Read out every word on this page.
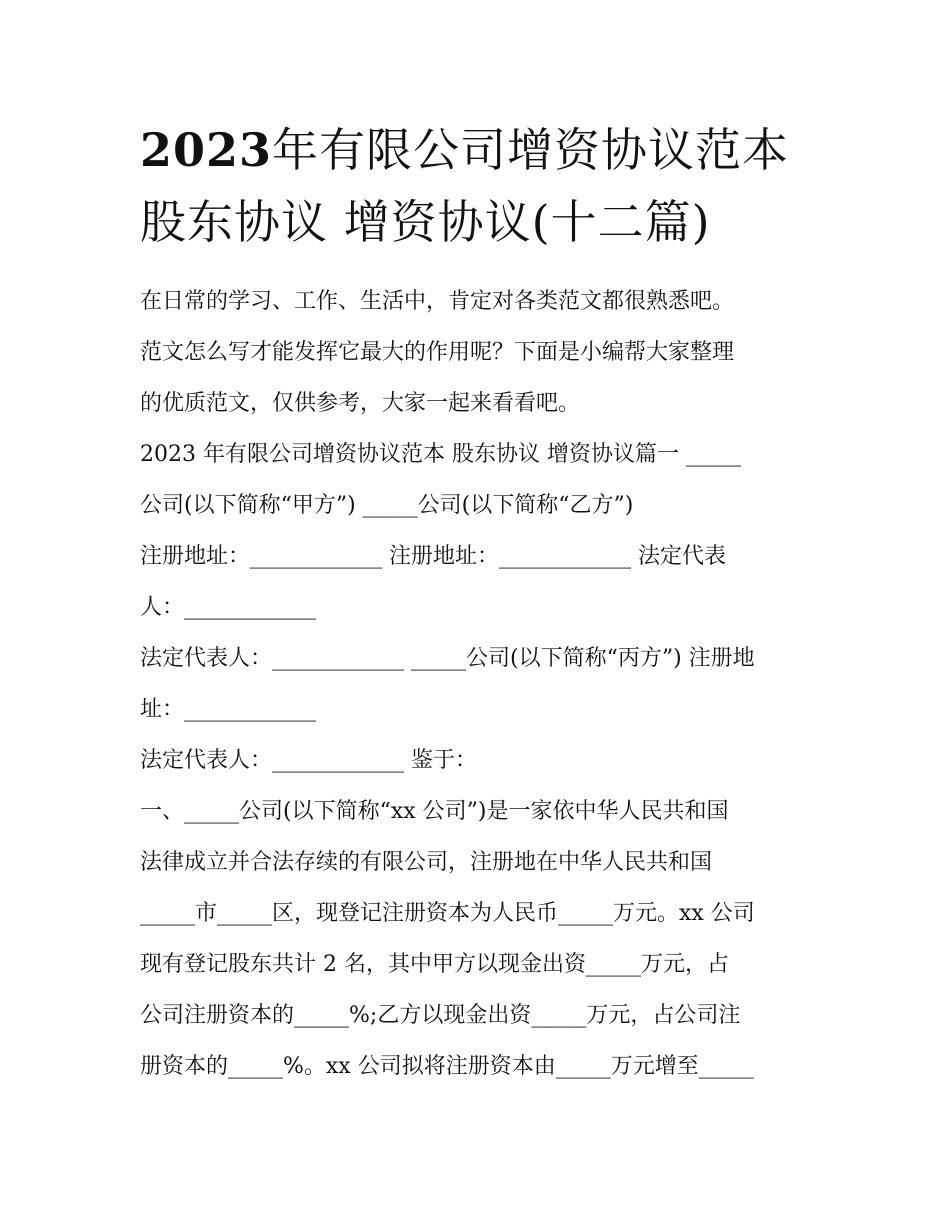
2023年有限公司增资协议范本
股东协议 增资协议(十二篇)
在日常的学习、工作、生活中，肯定对各类范文都很熟悉吧。
范文怎么写才能发挥它最大的作用呢？下面是小编帮大家整理
的优质范文，仅供参考，大家一起来看看吧。
2023 年有限公司增资协议范本 股东协议 增资协议篇一 _____
公司(以下简称“甲方”) _____公司(以下简称“乙方”)
注册地址：____________ 注册地址：____________ 法定代表
人：____________
法定代表人：____________ _____公司(以下简称“丙方”) 注册地
址：____________
法定代表人：____________ 鉴于：
一、_____公司(以下简称“xx 公司”)是一家依中华人民共和国
法律成立并合法存续的有限公司，注册地在中华人民共和国
_____市_____区，现登记注册资本为人民币_____万元。xx 公司
现有登记股东共计 2 名，其中甲方以现金出资_____万元，占
公司注册资本的_____%;乙方以现金出资_____万元，占公司注
册资本的_____%。xx 公司拟将注册资本由_____万元增至_____
